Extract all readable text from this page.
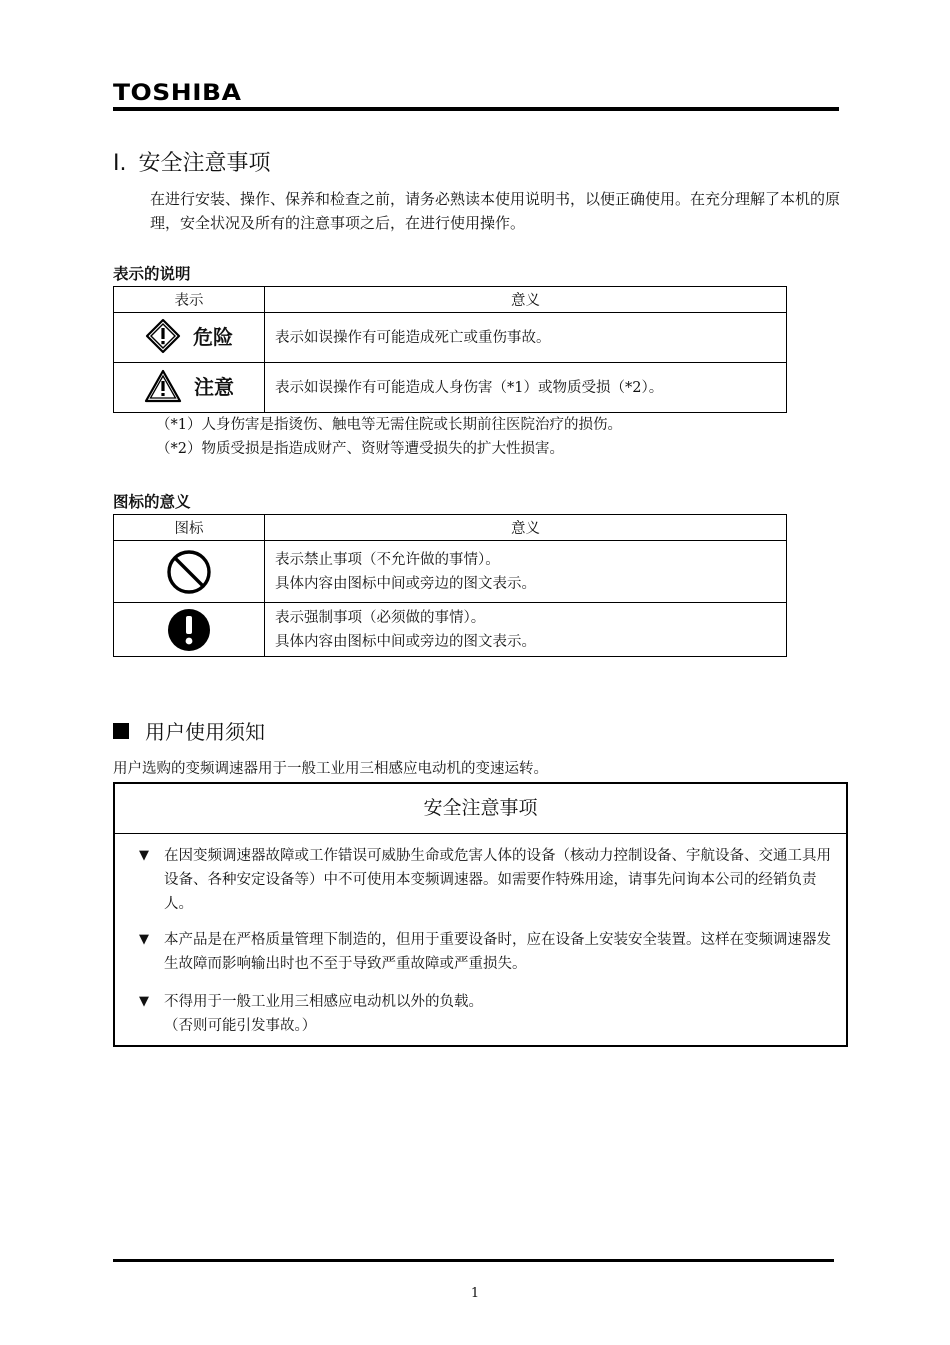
TOSHIBA
I. 安全注意事项
在进行安装、操作、保养和检查之前，请务必熟读本使用说明书，以便正确使用。在充分理解了本机的原理，安全状况及所有的注意事项之后，在进行使用操作。
表示的说明
表示	意义

危险	表示如误操作有可能造成死亡或重伤事故。

注意	表示如误操作有可能造成人身伤害（*1）或物质受损（*2）。
（*1）人身伤害是指烫伤、触电等无需住院或长期前往医院治疗的损伤。
（*2）物质受损是指造成财产、资财等遭受损失的扩大性损害。
图标的意义
图标	意义

表示禁止事项（不允许做的事情）。
具体内容由图标中间或旁边的图文表示。

表示强制事项（必须做的事情）。
具体内容由图标中间或旁边的图文表示。
用户使用须知
用户选购的变频调速器用于一般工业用三相感应电动机的变速运转。
安全注意事项
▼	在因变频调速器故障或工作错误可威胁生命或危害人体的设备（核动力控制设备、宇航设备、交通工具用设备、各种安定设备等）中不可使用本变频调速器。如需要作特殊用途，请事先问询本公司的经销负责人。
▼	本产品是在严格质量管理下制造的，但用于重要设备时，应在设备上安装安全装置。这样在变频调速器发生故障而影响输出时也不至于导致严重故障或严重损失。
▼	不得用于一般工业用三相感应电动机以外的负载。
（否则可能引发事故。）
1
